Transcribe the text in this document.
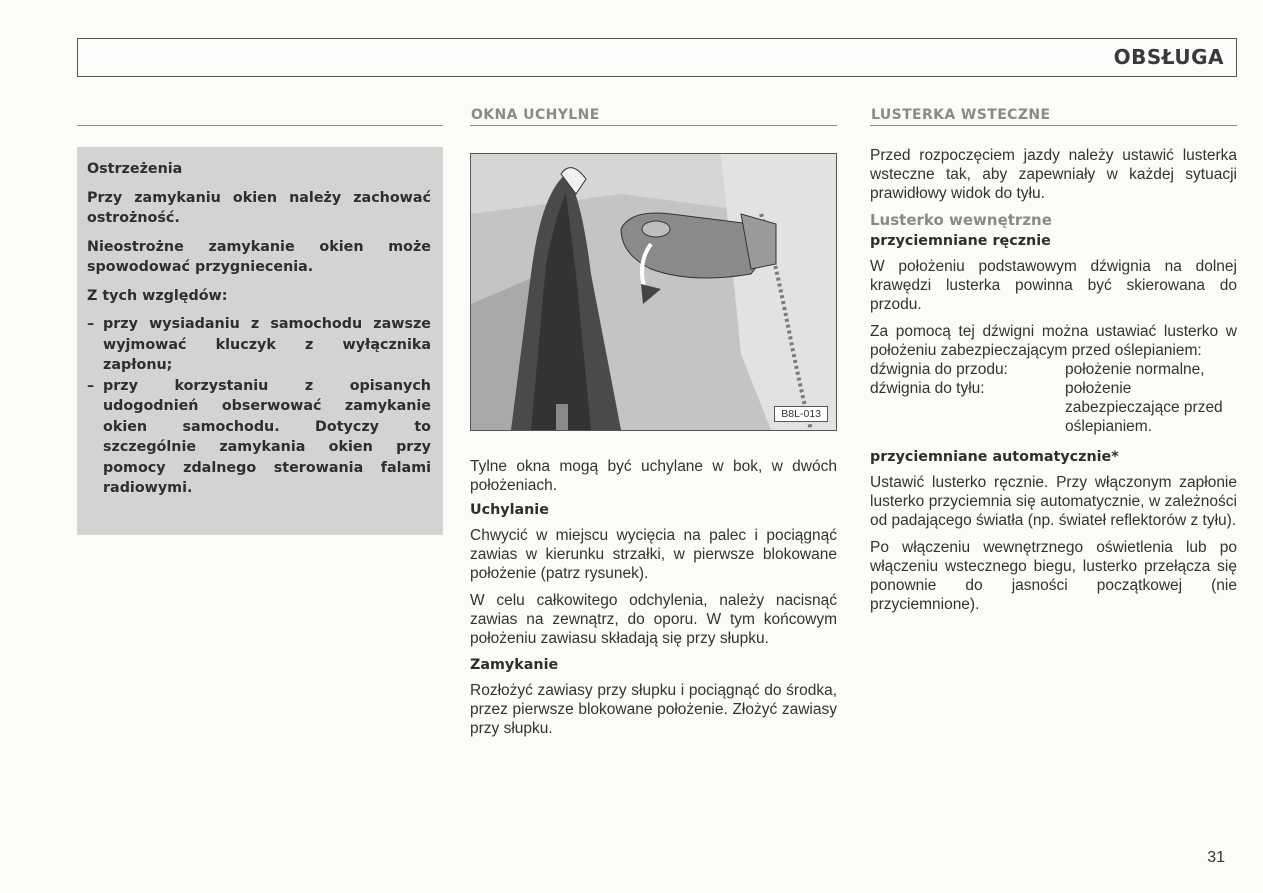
OBSŁUGA
OKNA UCHYLNE	LUSTERKA WSTECZNE

Ostrzeżenia

Przy zamykaniu okien należy zachować ostrożność.

Nieostrożne zamykanie okien może spowodować przygniecenia.

Z tych względów:

– przy wysiadaniu z samochodu zawsze wyjmować kluczyk z wyłącznika zapłonu;
– przy korzystaniu z opisanych udogodnień obserwować zamykanie okien samochodu. Dotyczy to szczególnie zamykania okien przy pomocy zdalnego sterowania falami radiowymi.
B8L-013

Tylne okna mogą być uchylane w bok, w dwóch położeniach.

Uchylanie

Chwycić w miejscu wycięcia na palec i pociągnąć zawias w kierunku strzałki, w pierwsze blokowane położenie (patrz rysunek).

W celu całkowitego odchylenia, należy nacisnąć zawias na zewnątrz, do oporu. W tym końcowym położeniu zawiasu składają się przy słupku.

Zamykanie

Rozłożyć zawiasy przy słupku i pociągnąć do środka, przez pierwsze blokowane położenie. Złożyć zawiasy przy słupku.

Przed rozpoczęciem jazdy należy ustawić lusterka wsteczne tak, aby zapewniały w każdej sytuacji prawidłowy widok do tyłu.

Lusterko wewnętrzne

przyciemniane ręcznie

W położeniu podstawowym dźwignia na dolnej krawędzi lusterka powinna być skierowana do przodu.

Za pomocą tej dźwigni można ustawiać lusterko w położeniu zabezpieczającym przed oślepianiem:

dźwignia do przodu:	położenie normalne,
dźwignia do tyłu:	położenie zabezpieczające przed oślepianiem.

przyciemniane automatycznie*

Ustawić lusterko ręcznie. Przy włączonym zapłonie lusterko przyciemnia się automatycznie, w zależności od padającego światła (np. świateł reflektorów z tyłu).

Po włączeniu wewnętrznego oświetlenia lub po włączeniu wstecznego biegu, lusterko przełącza się ponownie do jasności początkowej (nie przyciemnione).

31
